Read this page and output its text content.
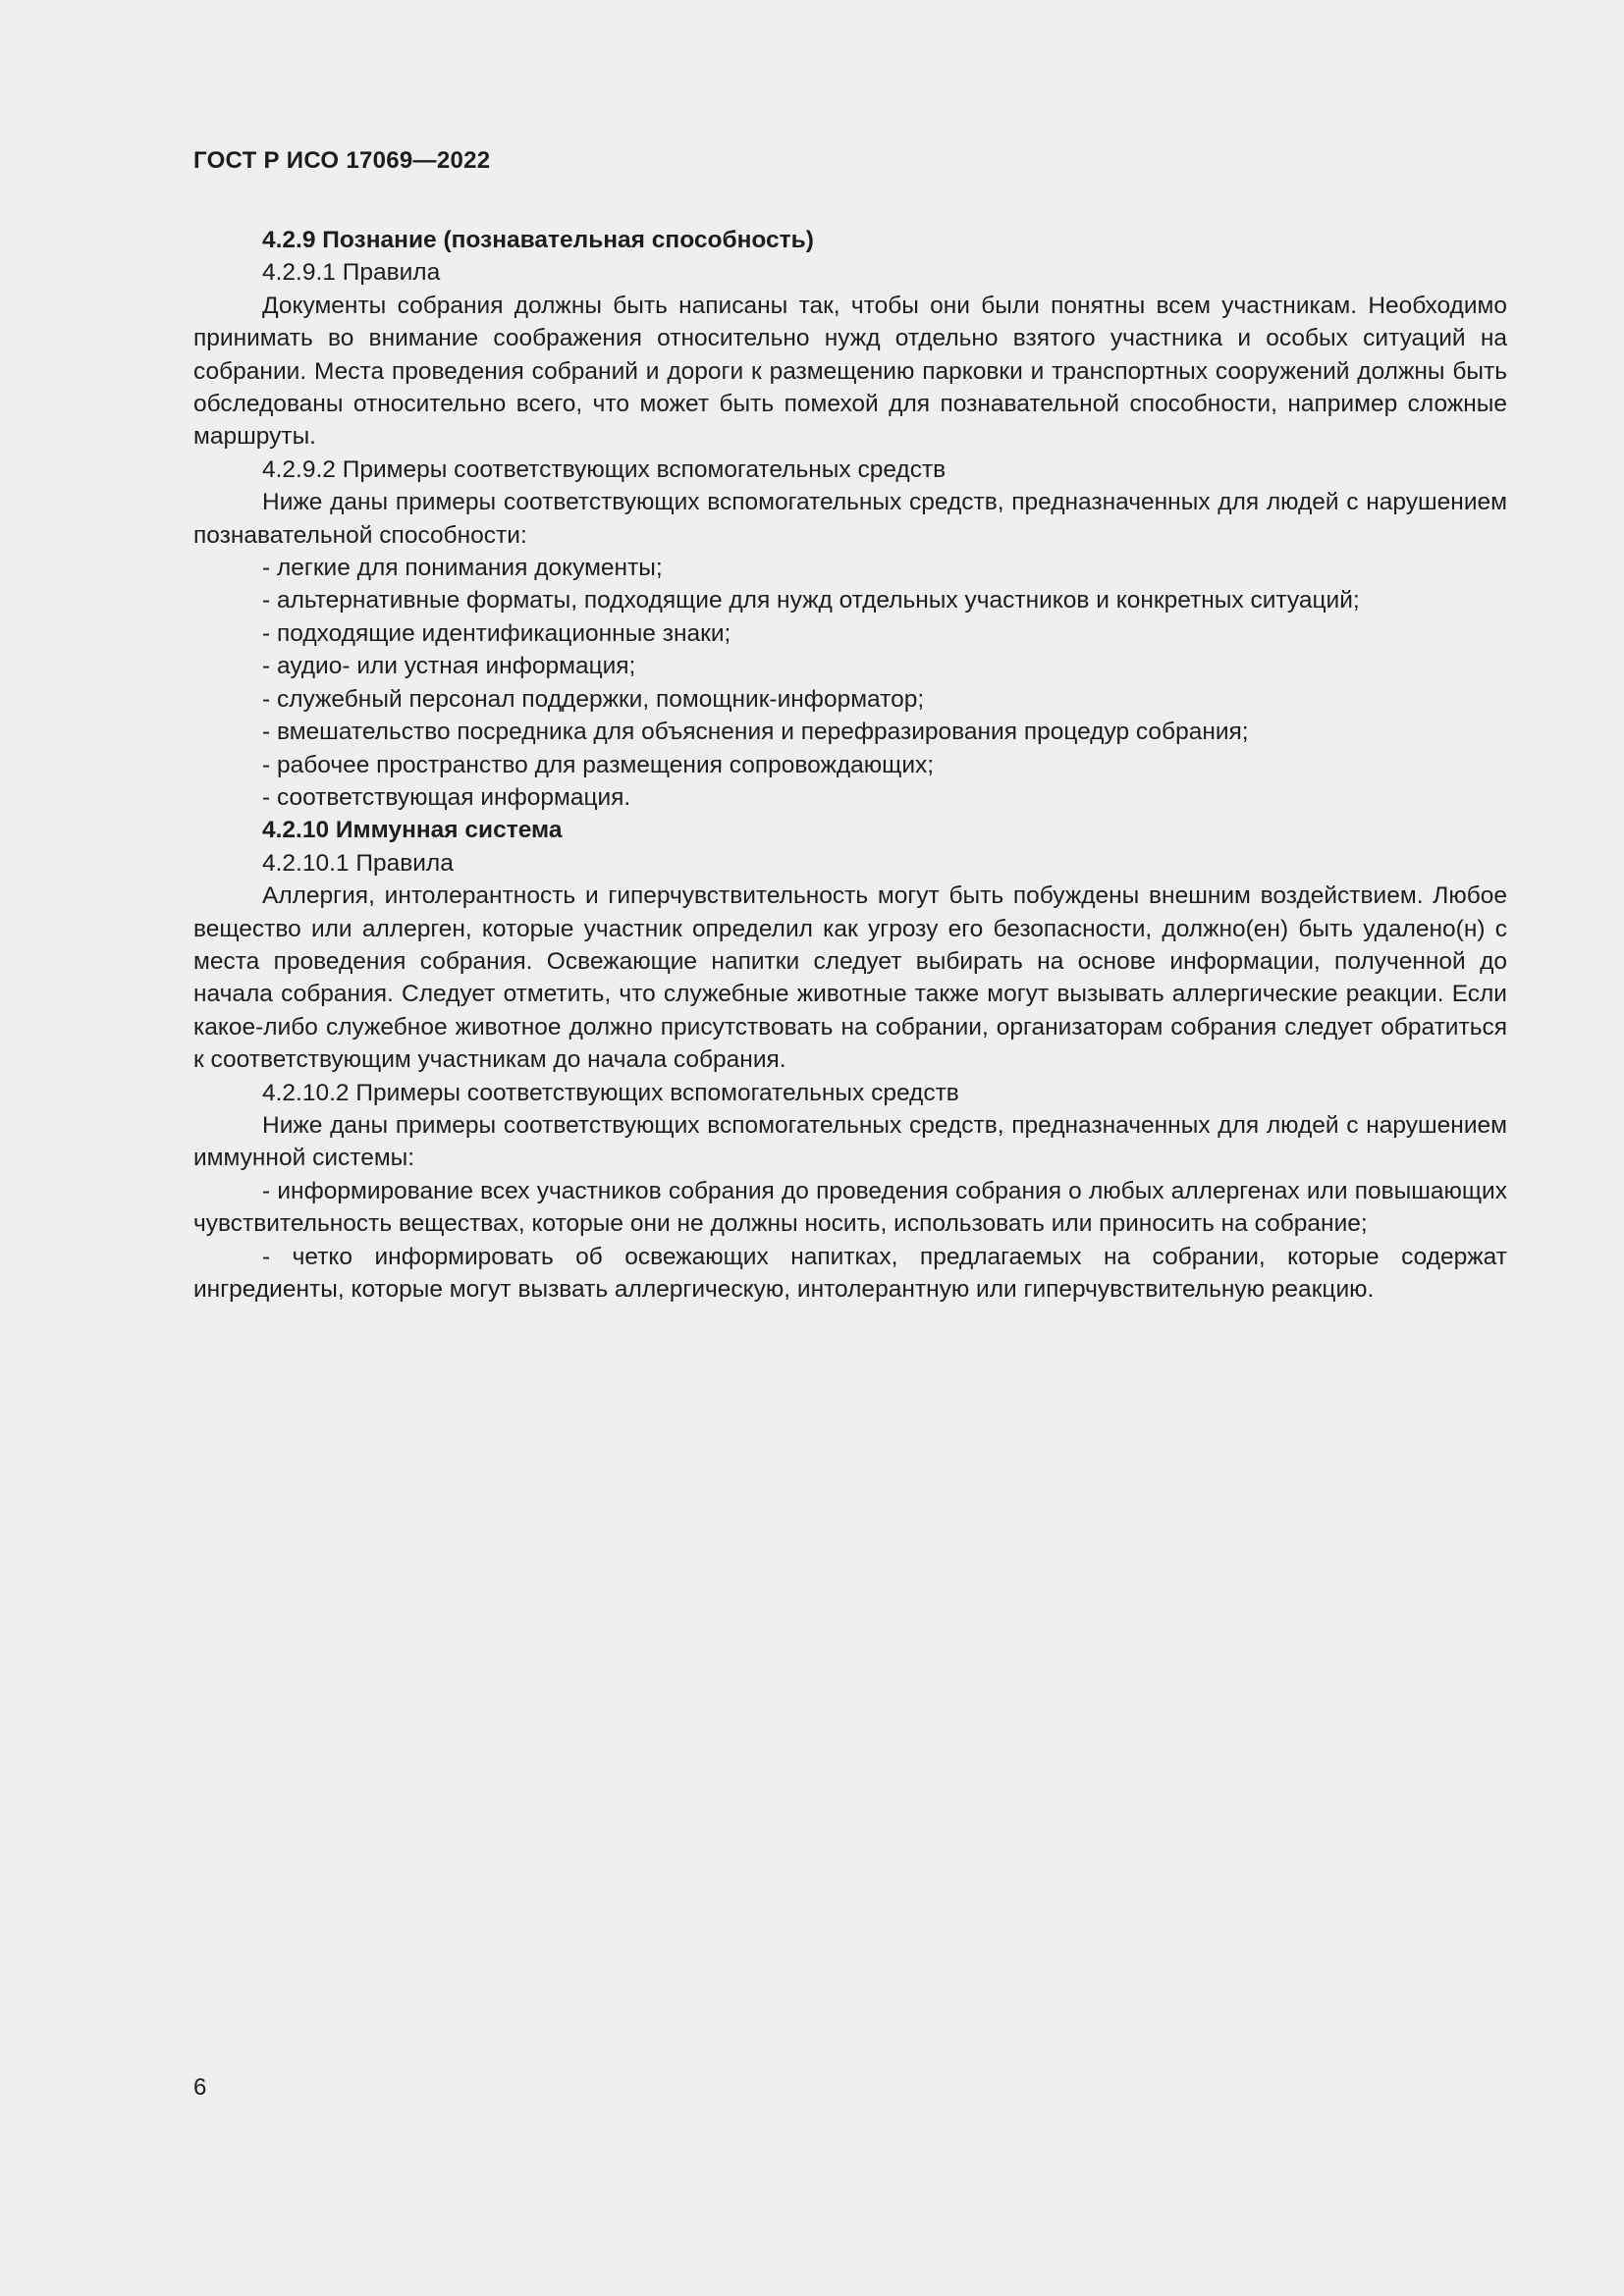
ГОСТ Р ИСО 17069—2022

4.2.9 Познание (познавательная способность)

4.2.9.1 Правила

Документы собрания должны быть написаны так, чтобы они были понятны всем участникам. Необходимо принимать во внимание соображения относительно нужд отдельно взятого участника и особых ситуаций на собрании. Места проведения собраний и дороги к размещению парковки и транспортных сооружений должны быть обследованы относительно всего, что может быть помехой для познавательной способности, например сложные маршруты.

4.2.9.2 Примеры соответствующих вспомогательных средств

Ниже даны примеры соответствующих вспомогательных средств, предназначенных для людей с нарушением познавательной способности:

- легкие для понимания документы;

- альтернативные форматы, подходящие для нужд отдельных участников и конкретных ситуаций;

- подходящие идентификационные знаки;

- аудио- или устная информация;

- служебный персонал поддержки, помощник-информатор;

- вмешательство посредника для объяснения и перефразирования процедур собрания;

- рабочее пространство для размещения сопровождающих;

- соответствующая информация.

4.2.10 Иммунная система

4.2.10.1 Правила

Аллергия, интолерантность и гиперчувствительность могут быть побуждены внешним воздействием. Любое вещество или аллерген, которые участник определил как угрозу его безопасности, должно(ен) быть удалено(н) с места проведения собрания. Освежающие напитки следует выбирать на основе информации, полученной до начала собрания. Следует отметить, что служебные животные также могут вызывать аллергические реакции. Если какое-либо служебное животное должно присутствовать на собрании, организаторам собрания следует обратиться к соответствующим участникам до начала собрания.

4.2.10.2 Примеры соответствующих вспомогательных средств

Ниже даны примеры соответствующих вспомогательных средств, предназначенных для людей с нарушением иммунной системы:

- информирование всех участников собрания до проведения собрания о любых аллергенах или повышающих чувствительность веществах, которые они не должны носить, использовать или приносить на собрание;

- четко информировать об освежающих напитках, предлагаемых на собрании, которые содержат ингредиенты, которые могут вызвать аллергическую, интолерантную или гиперчувствительную реакцию.

6
